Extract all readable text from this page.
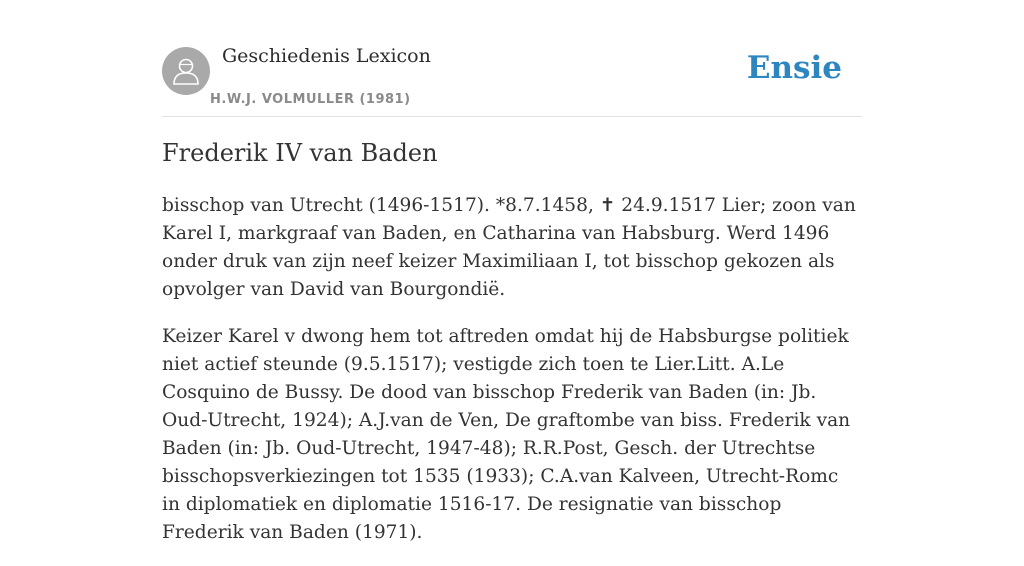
Geschiedenis Lexicon
H.W.J. VOLMULLER (1981)
Ensie
Frederik IV van Baden

bisschop van Utrecht (1496-1517). *8.7.1458, ✝ 24.9.1517 Lier; zoon van Karel I, markgraaf van Baden, en Catharina van Habsburg. Werd 1496 onder druk van zijn neef keizer Maximiliaan I, tot bisschop gekozen als opvolger van David van Bourgondië.

Keizer Karel v dwong hem tot aftreden omdat hij de Habsburgse politiek niet actief steunde (9.5.1517); vestigde zich toen te Lier.Litt. A.Le Cosquino de Bussy. De dood van bisschop Frederik van Baden (in: Jb. Oud-Utrecht, 1924); A.J.van de Ven, De graftombe van biss. Frederik van Baden (in: Jb. Oud-Utrecht, 1947-48); R.R.Post, Gesch. der Utrechtse bisschopsverkiezingen tot 1535 (1933); C.A.van Kalveen, Utrecht-Romc in diplomatiek en diplomatie 1516-17. De resignatie van bisschop Frederik van Baden (1971).
